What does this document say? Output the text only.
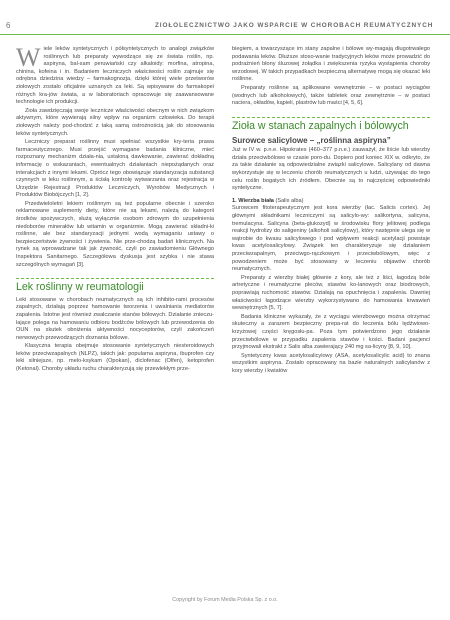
6	ZIOŁOLECZNICTWO JAKO WSPARCIE W CHOROBACH REUMATYCZNYCH

Wiele leków syntetycznych i półsyntetycznych to analogi związków roślinnych lub preparaty wywodzące się ze świata roślin, np. aspiryna, bal-sam peruwiański czy alkaloidy: morfina, atropina, chinina, kofeina i in. Badaniem leczniczych właściwości roślin zajmuje się odrębna dziedzina wiedzy – farmakognozja, dzięki której wiele przetworów ziołowych zostało oficjalnie uznanych za leki. Są wpisywane do farmakopei różnych kra-jów świata, a w laboratoriach opracowuje się zaawansowane technologie ich produkcji.

Zioła zawdzięczają swoje lecznicze właściwości obecnym w nich związkom aktywnym, które wywierają silny wpływ na organizm człowieka. Do terapii ziołowych należy pod-chodzić z taką samą ostrożnością jak do stosowania leków syntetycznych.

Leczniczy preparat roślinny musi spełniać wszystkie kry-teria prawa farmaceutycznego. Musi przejść wymagane badania kliniczne, mieć rozpoznany mechanizm działa-nia, ustaloną dawkowanie, zawierać dokładną informację o wskazaniach, ewentualnych działaniach niepożądanych oraz interakcjach z innymi lekami. Oprócz tego obowiązuje standaryzacja substancji czynnych w leku roślinnym, a ścisłą kontrolę wytwarzania oraz rejestracja w Urzędzie Rejestracji Produktów Leczniczych, Wyrobów Medycznych i Produktów Biobójczych [1, 2].

Przedwieloletni lekiem roślinnym są też popularne obecnie i szeroko reklamowane suplementy diety, które nie są lekami, należą do kategorii środków spożywczych, służą wyłącznie osobom zdrowym do uzupełnienia niedoborów minerałów lub witamin w organizmie. Mogą zawierać składni-ki roślinne, ale bez standaryzacji jednymi wodą wymaganiu ustawy o bezpieczeństwie żywności i żywienia. Nie prze-chodzą badań klinicznych. Na rynek są wprowadzane tak jak żywność, czyli po zawiadomieniu Głównego Inspektora Sanitarnego. Szczegółowa dyskusja jest szybka i nie stawa szczególnych wymagań [3].

Lek roślinny w reumatologii

Leki stosowane w chorobach reumatycznych są ich inhibito-rami procesów zapalnych, działają poprzez hamowanie tworzenia i uwalniania mediatorów zapalenia. Istotne jest również zwalczanie stanów bólowych. Działanie znieczu-lające polega na hamowaniu odbioru bodźców bólowych lub przewodzenia do OUN na skutek obniżenia aktywności nocyceptorów, czyli zakończeń nerwowych przewodzących doznania bólowe.

Klasyczna terapia obejmuje stosowanie syntetycznych niesteroidowych leków przeciwzapalnych (NLPZ), takich jak: popularna aspiryna, ibuprofen czy leki silniejsze, np. melo-ksykam (Opokan), diclofenac (Olfen), ketoprofen (Ketonal). Choroby układu ruchu charakteryzują się przewlekłym prze-

biegiem, a towarzyszące im stany zapalne i bólowe wy-magają długotrwałego podawania leków. Dłuższe stoso-wanie tradycyjnych leków może prowadzić do podrażnień błony śluzowej żołądka i zwiększenia ryzyka wystąpienia choroby wrzodowej. W takich przypadkach bezpieczną alternatywę mogą się okazać leki roślinne.

Preparaty roślinne są aplikowane wewnętrznie – w postaci wyciągów (wodnych lub alkoholowych), także tabletek oraz zewnętrznie – w postaci naciera, okładów, kąpieli, plastrów lub maści [4, 5, 6].

Zioła w stanach zapalnych i bólowych
Surowce salicylowe – „roślinna aspiryna”

Już w IV w. p.n.e. Hipokrates (460–377 p.n.e.) zauważył, że liście lub wierzby działa przeciwbólowo w czasie poro-du. Dopiero pod koniec XIX w. odkryto, że za takie działanie są odpowiedzialne związki salicylowe. Salicylany od dawna wykorzystuje się w leczeniu chorób reumatycznych u ludzi, używając do tego celu roślin bogatych ich źródłem. Obecnie są to najczęściej odpowiedniki syntetyczne.

1. Wierzba biała (Salix alba)

Surowcem fitoterapeutycznym jest kora wierzby (łac. Salicis cortex). Jej głównymi składnikami leczniczymi są salicylo-wy: salikortyna, salicyna, tremulacyna. Salicyna (beta-glukozyd) w środowisku flory jelitowej podlega reakcji hydrolizy do saligeniny (alkoholi salicylowy), który następnie ulega się w wątrobie do kwasu salicylowego i pod wpływem reakcji acetylacji powstaje kwas acetylosalicylowy. Związek ten charakteryzuje się działaniem przeciwzapalnym, przeciwgo-rączkowym i przeciwbólowym, więc z powodzeniem może być stosowany w leczeniu objawów chorób reumatycznych.

Preparaty z wierzby białej głównie z kory, ale też z liści, łagodzą bóle artretyczne i reumatyczne pleców, stawów ko-lanowych oraz biodrowych, poprawiają ruchomość stawów. Działają na opuchnięcia i zapalenia. Dawniej właściwości łagodzące wierzby wykorzystywano do hamowania krwawień wewnętrznych [5, 7].

Badania kliniczne wykazały, że z wyciągu wierzbowego można otrzymać skuteczny a zarazem bezpieczny prepa-rat do leczenia bólu lędźwiowo-krzyżowej części kręgosłu-pa. Poza tym potwierdzono jego działanie przeciwbólowe w przypadku zapalenia stawów i kości. Badani pacjenci przyjmowali ekstrakt z Salix alba zawierający 240 mg sa-licyny [8, 9, 10].

Syntetyczny kwas acetylosalicylowy (ASA, acetylosalicylic acid) to znana wszystkim aspiryna. Zostało opracowany na bazie naturalnych salicylanów z kory wierzby i kwiatów

Copyright by Forum Media Polska Sp. z o.o.
